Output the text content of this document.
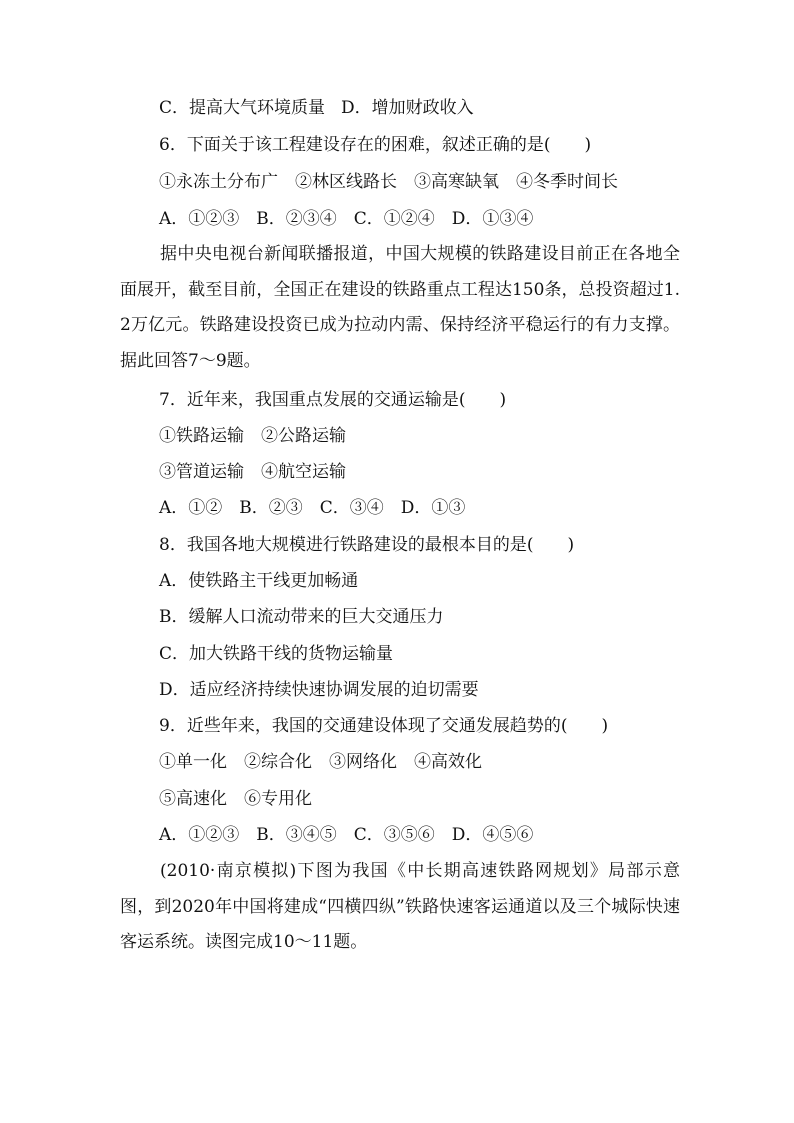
C．提高大气环境质量 D．增加财政收入
6．下面关于该工程建设存在的困难，叙述正确的是(　　)
①永冻土分布广　②林区线路长　③高寒缺氧　④冬季时间长
A．①②③　B．②③④　C．①②④　D．①③④
据中央电视台新闻联播报道，中国大规模的铁路建设目前正在各地全面展开，截至目前，全国正在建设的铁路重点工程达150条，总投资超过1.2万亿元。铁路建设投资已成为拉动内需、保持经济平稳运行的有力支撑。据此回答7～9题。
7．近年来，我国重点发展的交通运输是(　　)
①铁路运输　②公路运输
③管道运输　④航空运输
A．①②　B．②③　C．③④　D．①③
8．我国各地大规模进行铁路建设的最根本目的是(　　)
A．使铁路主干线更加畅通
B．缓解人口流动带来的巨大交通压力
C．加大铁路干线的货物运输量
D．适应经济持续快速协调发展的迫切需要
9．近些年来，我国的交通建设体现了交通发展趋势的(　　)
①单一化　②综合化　③网络化　④高效化
⑤高速化　⑥专用化
A．①②③　B．③④⑤　C．③⑤⑥　D．④⑤⑥
(2010·南京模拟)下图为我国《中长期高速铁路网规划》局部示意图，到2020年中国将建成“四横四纵”铁路快速客运通道以及三个城际快速客运系统。读图完成10～11题。
